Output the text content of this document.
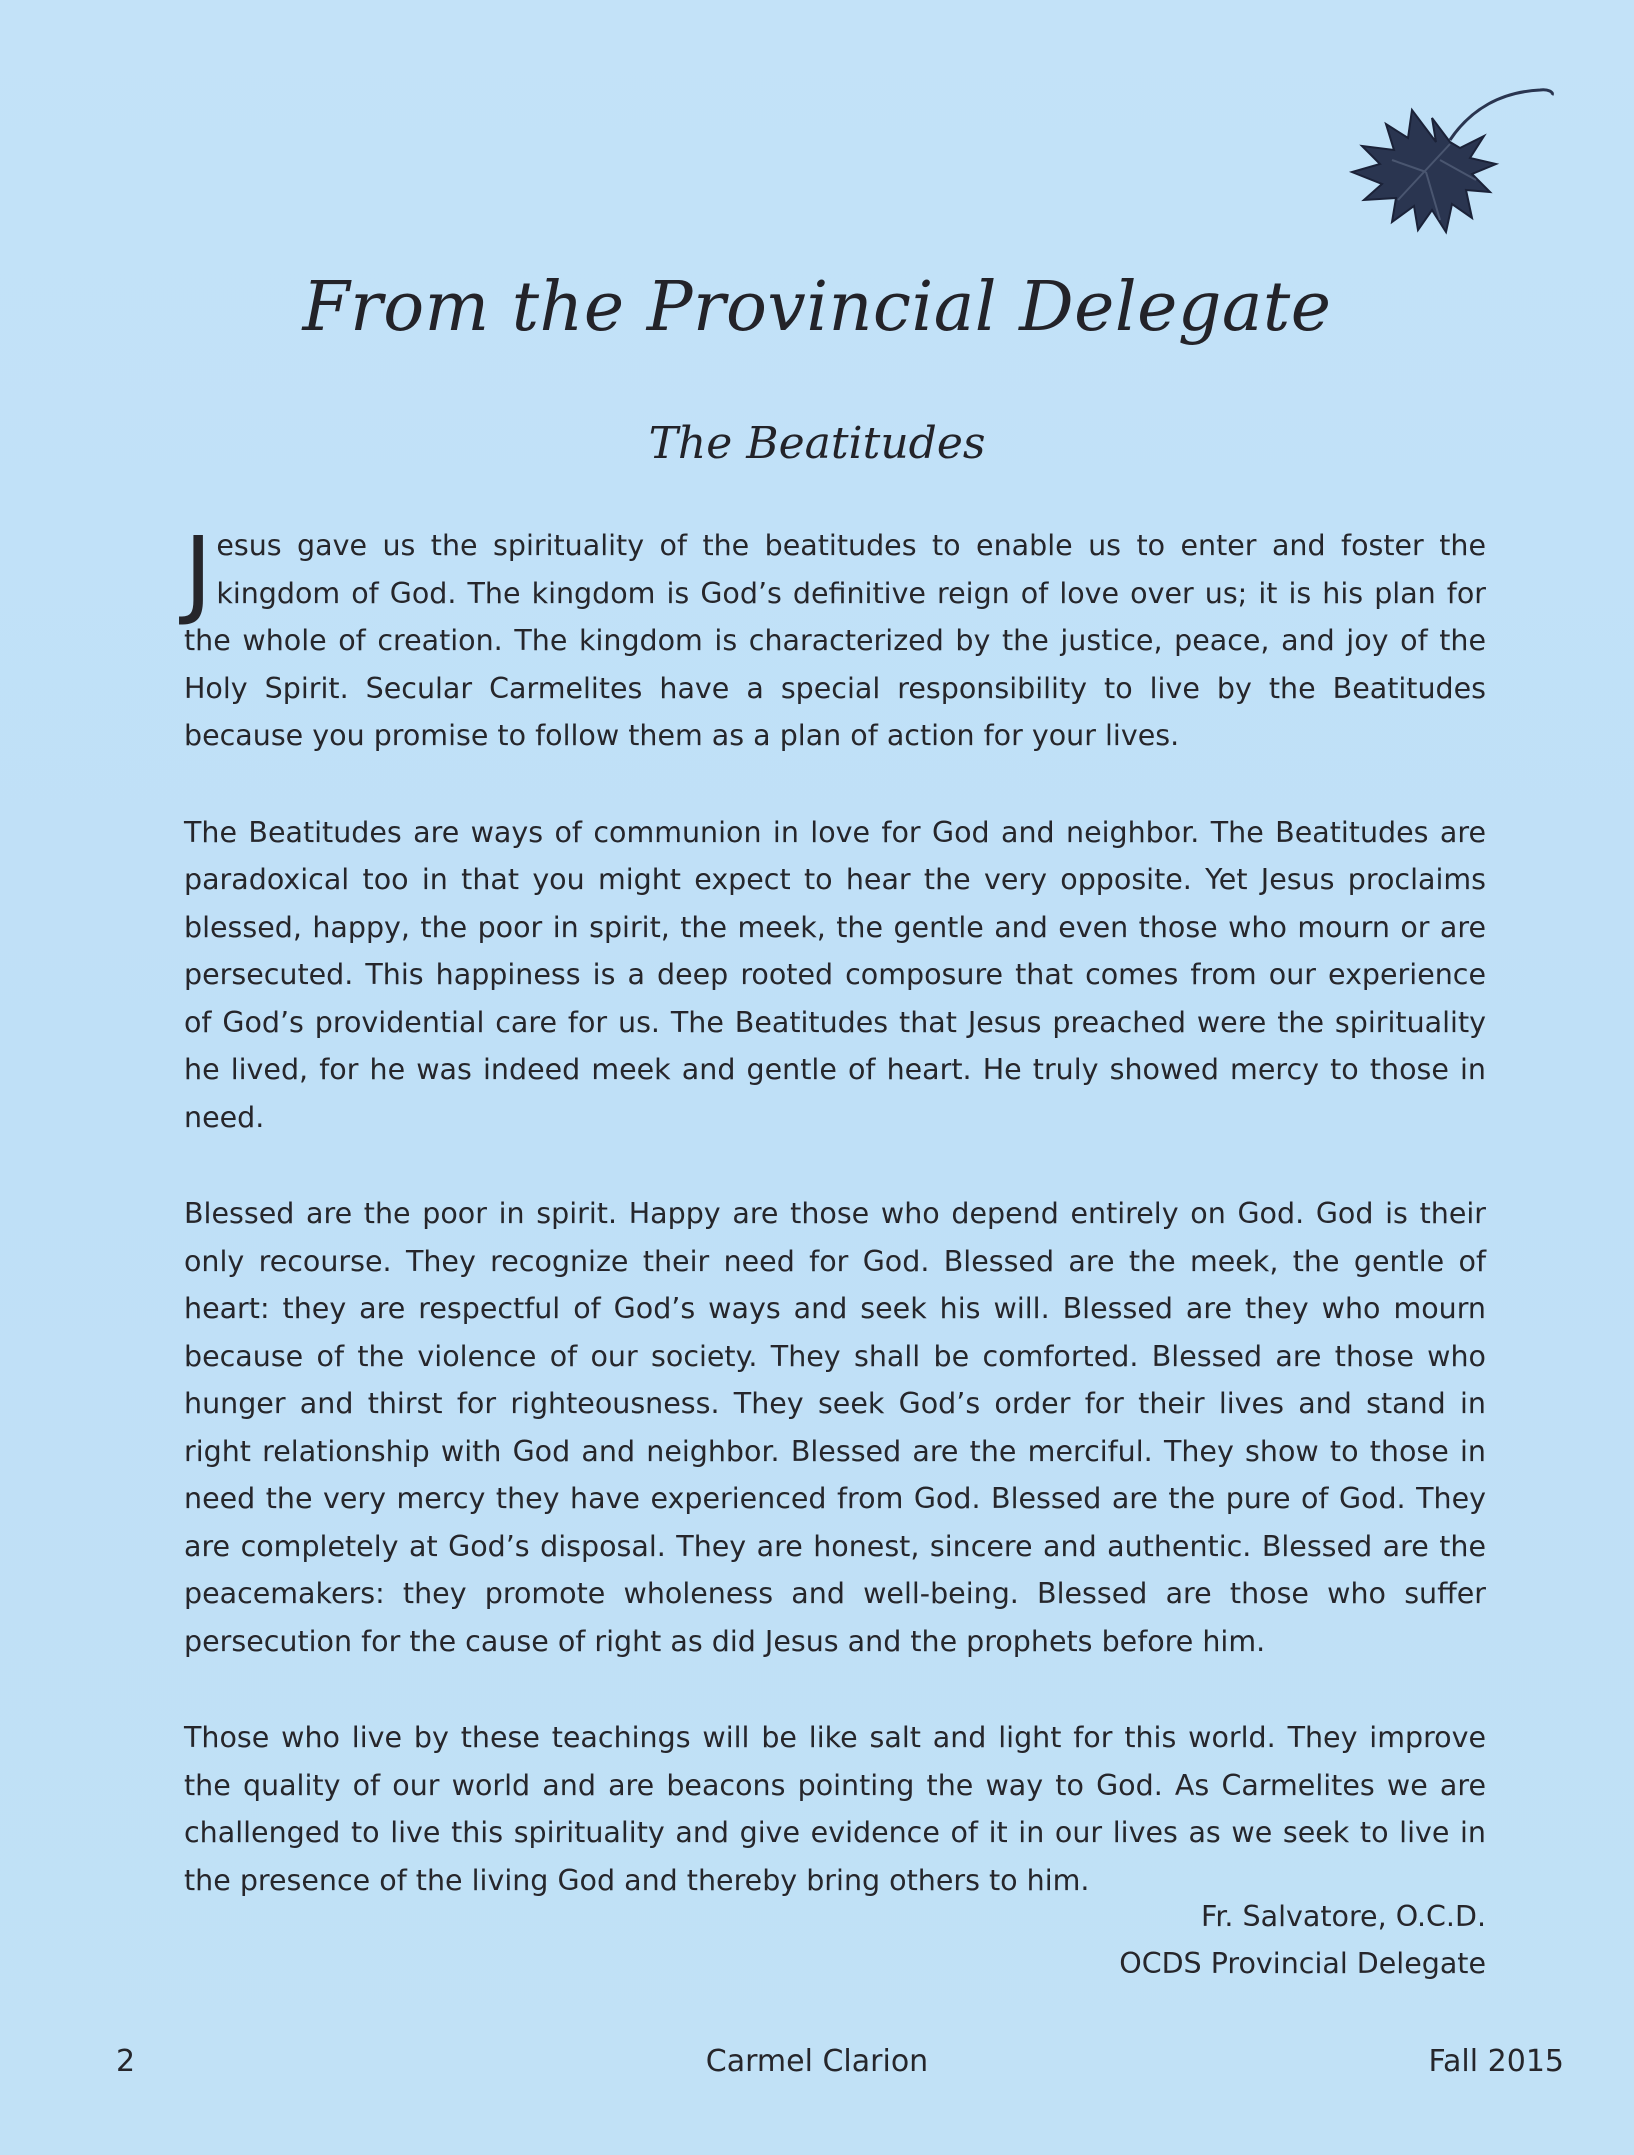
From the Provincial Delegate
The Beatitudes

Jesus gave us the spirituality of the beatitudes to enable us to enter and foster the kingdom of God. The kingdom is God’s definitive reign of love over us; it is his plan for the whole of creation. The kingdom is characterized by the justice, peace, and joy of the Holy Spirit. Secular Carmelites have a special responsibility to live by the Beatitudes because you promise to follow them as a plan of action for your lives.

The Beatitudes are ways of communion in love for God and neighbor. The Beatitudes are paradoxical too in that you might expect to hear the very opposite. Yet Jesus proclaims blessed, happy, the poor in spirit, the meek, the gentle and even those who mourn or are persecuted. This happiness is a deep rooted composure that comes from our experience of God’s providential care for us. The Beatitudes that Jesus preached were the spirituality he lived, for he was indeed meek and gentle of heart. He truly showed mercy to those in need.

Blessed are the poor in spirit. Happy are those who depend entirely on God. God is their only recourse. They recognize their need for God. Blessed are the meek, the gentle of heart: they are respectful of God’s ways and seek his will. Blessed are they who mourn because of the violence of our society. They shall be comforted. Blessed are those who hunger and thirst for righteousness. They seek God’s order for their lives and stand in right relationship with God and neighbor. Blessed are the merciful. They show to those in need the very mercy they have experienced from God. Blessed are the pure of God. They are completely at God’s disposal. They are honest, sincere and authentic. Blessed are the peacemakers: they promote wholeness and well-being. Blessed are those who suffer persecution for the cause of right as did Jesus and the prophets before him.

Those who live by these teachings will be like salt and light for this world. They improve the quality of our world and are beacons pointing the way to God. As Carmelites we are challenged to live this spirituality and give evidence of it in our lives as we seek to live in the presence of the living God and thereby bring others to him.

Fr. Salvatore, O.C.D.
OCDS Provincial Delegate
Carmel Clarion
2	Fall 2015
